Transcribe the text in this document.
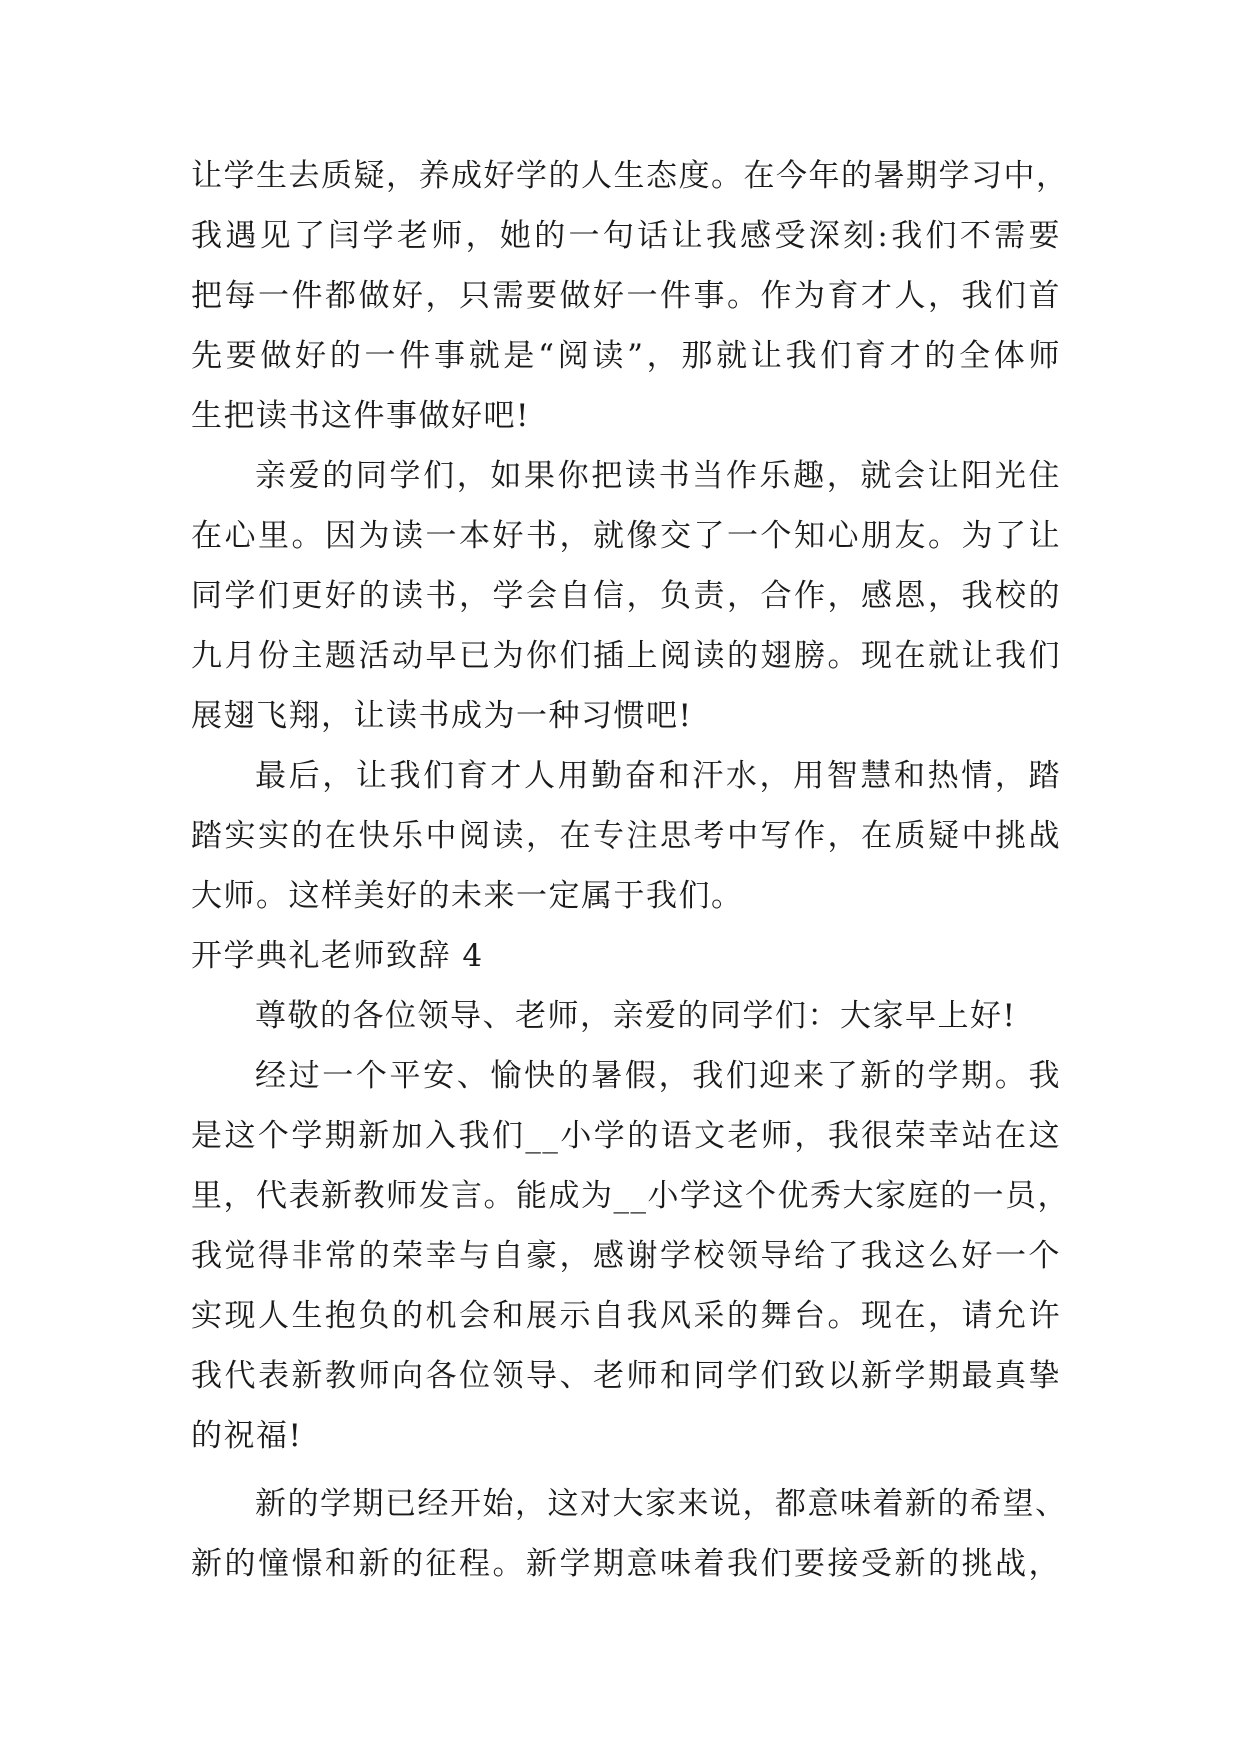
让学生去质疑，养成好学的人生态度。在今年的暑期学习中，
我遇见了闫学老师，她的一句话让我感受深刻:我们不需要
把每一件都做好，只需要做好一件事。作为育才人，我们首
先要做好的一件事就是“阅读”，那就让我们育才的全体师
生把读书这件事做好吧!
亲爱的同学们，如果你把读书当作乐趣，就会让阳光住
在心里。因为读一本好书，就像交了一个知心朋友。为了让
同学们更好的读书，学会自信，负责，合作，感恩，我校的
九月份主题活动早已为你们插上阅读的翅膀。现在就让我们
展翅飞翔，让读书成为一种习惯吧!
最后，让我们育才人用勤奋和汗水，用智慧和热情，踏
踏实实的在快乐中阅读，在专注思考中写作，在质疑中挑战
大师。这样美好的未来一定属于我们。
开学典礼老师致辞 4
尊敬的各位领导、老师，亲爱的同学们：大家早上好!
经过一个平安、愉快的暑假，我们迎来了新的学期。我
是这个学期新加入我们__小学的语文老师，我很荣幸站在这
里，代表新教师发言。能成为__小学这个优秀大家庭的一员，
我觉得非常的荣幸与自豪，感谢学校领导给了我这么好一个
实现人生抱负的机会和展示自我风采的舞台。现在，请允许
我代表新教师向各位领导、老师和同学们致以新学期最真挚
的祝福!
新的学期已经开始，这对大家来说，都意味着新的希望、
新的憧憬和新的征程。新学期意味着我们要接受新的挑战，
